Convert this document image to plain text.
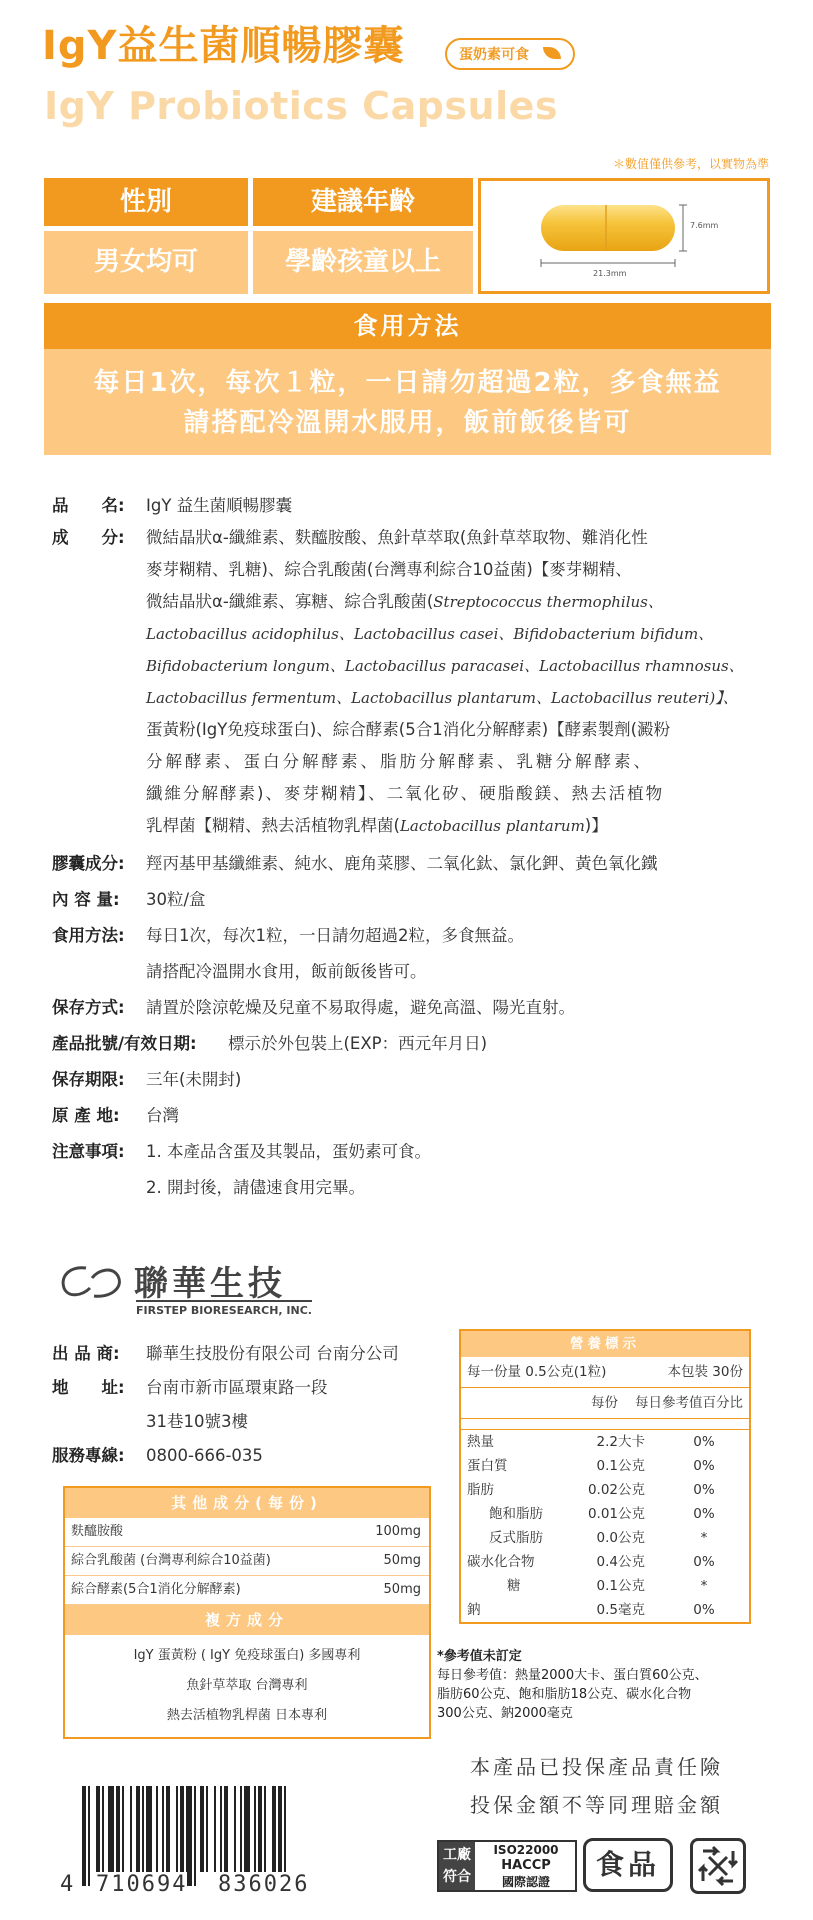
IgY益生菌順暢膠囊	蛋奶素可食
IgY Probiotics Capsules
＊數值僅供參考，以實物為準
性別	建議年齡
男女均可	學齡孩童以上
7.6mm
21.3mm
食用方法
每日1次，每次１粒，一日請勿超過2粒，多食無益
請搭配冷溫開水服用，飯前飯後皆可
品　　名: IgY 益生菌順暢膠囊
成　　分: 微結晶狀α-纖維素、麩醯胺酸、魚針草萃取(魚針草萃取物、難消化性
麥芽糊精、乳糖)、綜合乳酸菌(台灣專利綜合10益菌)【麥芽糊精、
微結晶狀α-纖維素、寡糖、綜合乳酸菌(Streptococcus thermophilus、
Lactobacillus acidophilus、Lactobacillus casei、Bifidobacterium bifidum、
Bifidobacterium longum、Lactobacillus paracasei、Lactobacillus rhamnosus、
Lactobacillus fermentum、Lactobacillus plantarum、Lactobacillus reuteri)】、
蛋黃粉(IgY免疫球蛋白)、綜合酵素(5合1消化分解酵素)【酵素製劑(澱粉
分解酵素、蛋白分解酵素、脂肪分解酵素、乳糖分解酵素、
纖維分解酵素)、麥芽糊精】、二氧化矽、硬脂酸鎂、熱去活植物
乳桿菌【糊精、熱去活植物乳桿菌(Lactobacillus plantarum)】
膠囊成分: 羥丙基甲基纖維素、純水、鹿角菜膠、二氧化鈦、氯化鉀、黃色氧化鐵
內 容 量: 30粒/盒
食用方法: 每日1次，每次1粒，一日請勿超過2粒，多食無益。
請搭配冷溫開水食用，飯前飯後皆可。
保存方式: 請置於陰涼乾燥及兒童不易取得處，避免高溫、陽光直射。
產品批號/有效日期: 標示於外包裝上(EXP：西元年月日)
保存期限: 三年(未開封)
原 產 地: 台灣
注意事項: 1. 本產品含蛋及其製品，蛋奶素可食。
2. 開封後，請儘速食用完畢。
聯華生技
FIRSTEP BIORESEARCH, INC.
出 品 商: 聯華生技股份有限公司 台南分公司
地　　址: 台南市新市區環東路一段
31巷10號3樓
服務專線: 0800-666-035
營養標示
每一份量 0.5公克(1粒)	本包裝 30份
每份 每日參考值百分比
熱量	2.2大卡	0%
蛋白質	0.1公克	0%
脂肪	0.02公克	0%
飽和脂肪	0.01公克	0%
反式脂肪	0.0公克	*
碳水化合物	0.4公克	0%
糖	0.1公克	*
鈉	0.5毫克	0%
*參考值未訂定
每日參考值：熱量2000大卡、蛋白質60公克、
脂肪60公克、飽和脂肪18公克、碳水化合物
300公克、鈉2000毫克
其他成分(每份)
麩醯胺酸	100mg
綜合乳酸菌 (台灣專利綜合10益菌)	50mg
綜合酵素(5合1消化分解酵素)	50mg
複方成分
IgY 蛋黃粉 ( IgY 免疫球蛋白) 多國專利
魚針草萃取 台灣專利
熱去活植物乳桿菌 日本專利
本產品已投保產品責任險
投保金額不等同理賠金額
4 710694 836026
工廠
符合
ISO22000
HACCP
國際認證
食品
